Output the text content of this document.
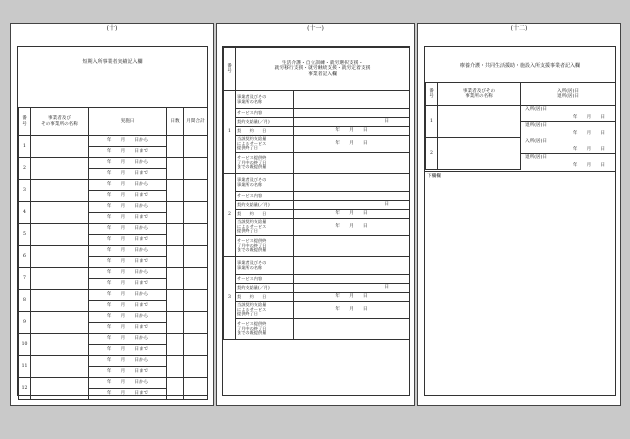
(十)
短期入所事業者実績記入欄
番号	事業者及び
その事業所の名称	実施日	日数	月間合計
1		年　　月　　日から		
		年　　月　　日まで		
2		年　　月　　日から		
		年　　月　　日まで		
3		年　　月　　日から		
		年　　月　　日まで		
4		年　　月　　日から		
		年　　月　　日まで		
5		年　　月　　日から		
		年　　月　　日まで		
6		年　　月　　日から		
		年　　月　　日まで		
7		年　　月　　日から		
		年　　月　　日まで		
8		年　　月　　日から		
		年　　月　　日まで		
9		年　　月　　日から		
		年　　月　　日まで		
10		年　　月　　日から		
		年　　月　　日まで		
11		年　　月　　日から		
		年　　月　　日まで		
12		年　　月　　日から		
		年　　月　　日まで		
(十一)
番号	生活介護・自立訓練・就労選択支援・
就労移行支援・就労継続支援・就労定着支援
事業者記入欄
1	事業者及びその
事業所の名称	
	サービス内容	
	契約支給量(／月)	日
	契　　約　　日	年　　月　　日
	当該契約支給量
によるサービス
提供終了日	年　　月　　日
	サービス提供終
了月中の終了日
までの既提供量	
2	事業者及びその
事業所の名称	
	サービス内容	
	契約支給量(／月)	日
	契　　約　　日	年　　月　　日
	当該契約支給量
によるサービス
提供終了日	年　　月　　日
	サービス提供終
了月中の終了日
までの既提供量	
3	事業者及びその
事業所の名称	
	サービス内容	
	契約支給量(／月)	日
	契　　約　　日	年　　月　　日
	当該契約支給量
によるサービス
提供終了日	年　　月　　日
	サービス提供終
了月中の終了日
までの既提供量	
(十二)
療養介護・共同生活援助・施設入所支援事業者記入欄
番号	事業者及びその
事業所の名称	入所(居)日
退所(居)日
1		入所(居)日
		年　　月　　日
		退所(居)日
		年　　月　　日
2		入所(居)日
		年　　月　　日
		退所(居)日
		年　　月　　日
下欄欄
